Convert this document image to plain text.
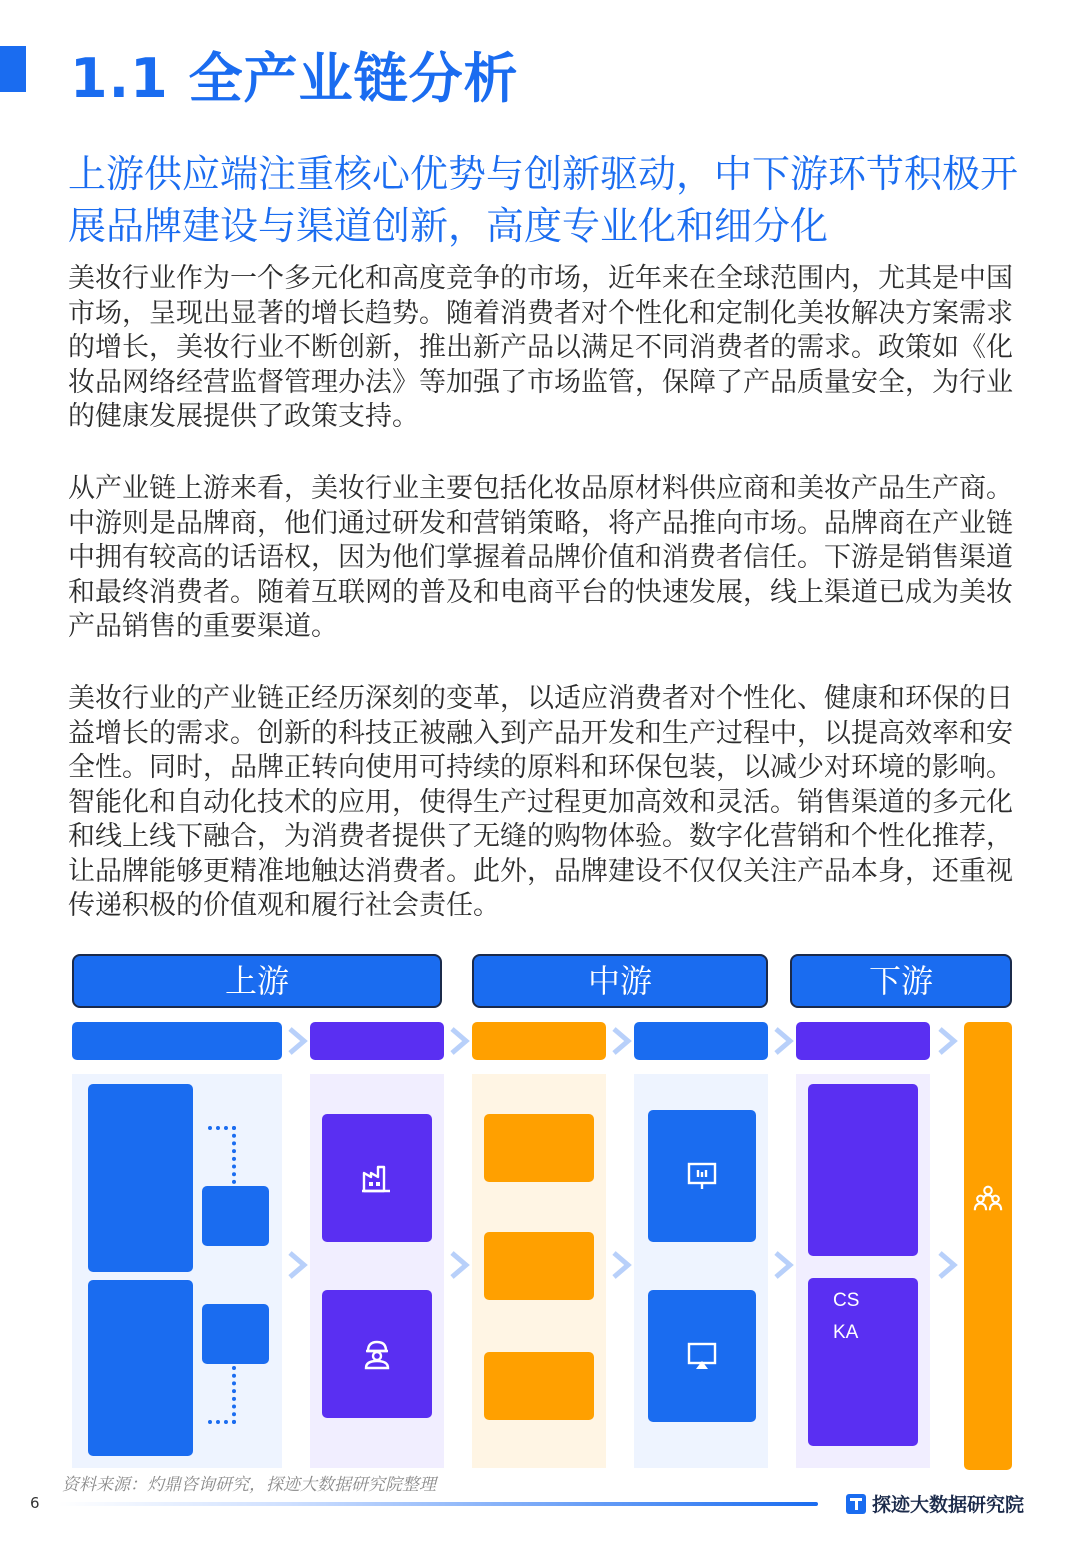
1.1 全产业链分析
上游供应端注重核心优势与创新驱动，中下游环节积极开展品牌建设与渠道创新，高度专业化和细分化
美妆行业作为一个多元化和高度竞争的市场，近年来在全球范围内，尤其是中国市场，呈现出显著的增长趋势。随着消费者对个性化和定制化美妆解决方案需求的增长，美妆行业不断创新，推出新产品以满足不同消费者的需求。政策如《化妆品网络经营监督管理办法》等加强了市场监管，保障了产品质量安全，为行业的健康发展提供了政策支持。
从产业链上游来看，美妆行业主要包括化妆品原材料供应商和美妆产品生产商。中游则是品牌商，他们通过研发和营销策略，将产品推向市场。品牌商在产业链中拥有较高的话语权，因为他们掌握着品牌价值和消费者信任。下游是销售渠道和最终消费者。随着互联网的普及和电商平台的快速发展，线上渠道已成为美妆产品销售的重要渠道。
美妆行业的产业链正经历深刻的变革，以适应消费者对个性化、健康和环保的日益增长的需求。创新的科技正被融入到产品开发和生产过程中，以提高效率和安全性。同时，品牌正转向使用可持续的原料和环保包装，以减少对环境的影响。智能化和自动化技术的应用，使得生产过程更加高效和灵活。销售渠道的多元化和线上线下融合，为消费者提供了无缝的购物体验。数字化营销和个性化推荐，让品牌能够更精准地触达消费者。此外，品牌建设不仅仅关注产品本身，还重视传递积极的价值观和履行社会责任。
上游	中游	下游
CS
KA
资料来源：灼鼎咨询研究，探迹大数据研究院整理
6	探迹大数据研究院
